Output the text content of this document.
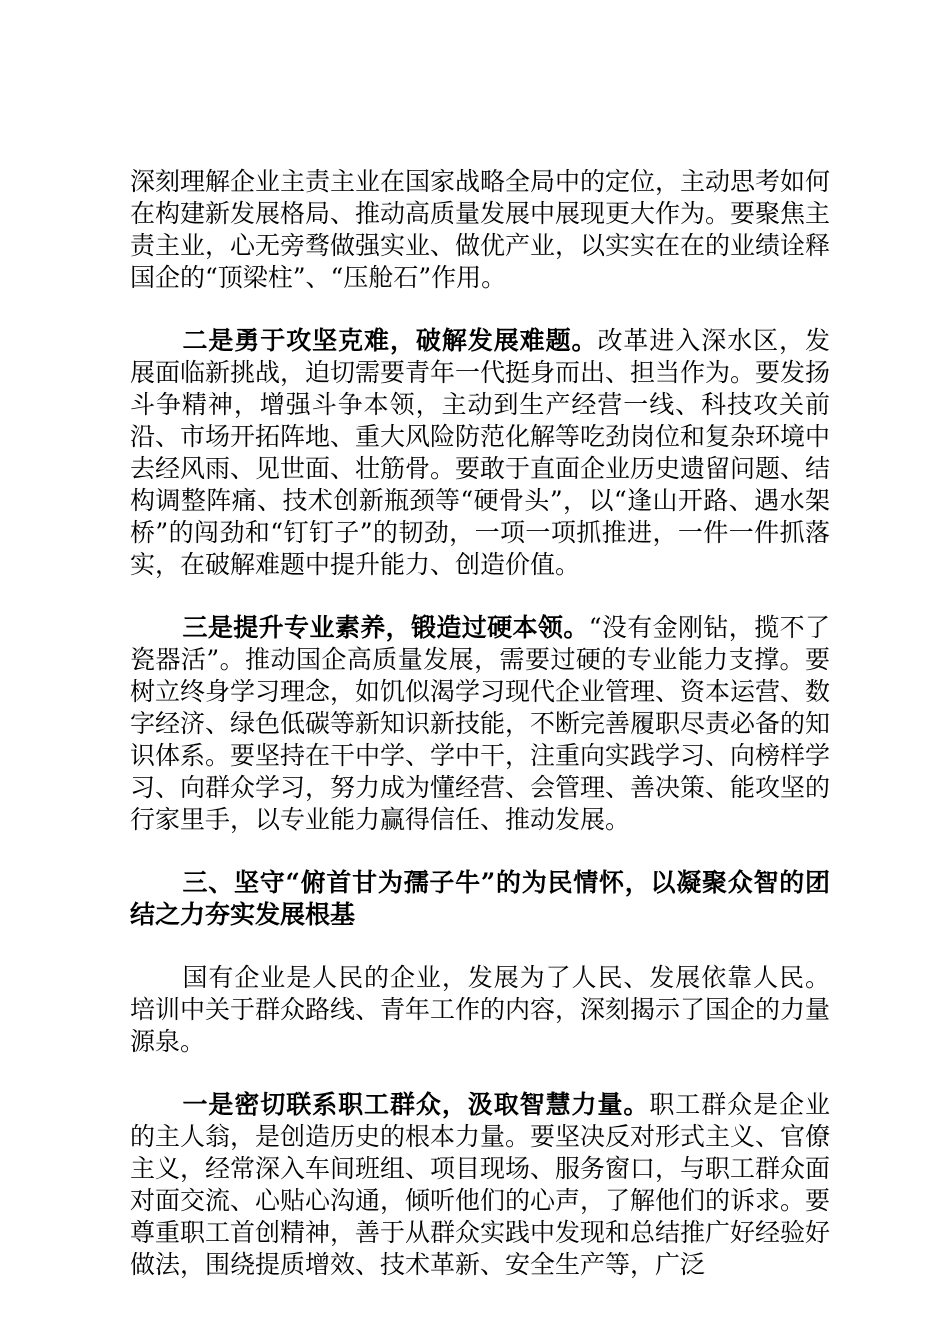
深刻理解企业主责主业在国家战略全局中的定位，主动思考如何在构建新发展格局、推动高质量发展中展现更大作为。要聚焦主责主业，心无旁骛做强实业、做优产业，以实实在在的业绩诠释国企的“顶梁柱”、“压舱石”作用。

二是勇于攻坚克难，破解发展难题。改革进入深水区，发展面临新挑战，迫切需要青年一代挺身而出、担当作为。要发扬斗争精神，增强斗争本领，主动到生产经营一线、科技攻关前沿、市场开拓阵地、重大风险防范化解等吃劲岗位和复杂环境中去经风雨、见世面、壮筋骨。要敢于直面企业历史遗留问题、结构调整阵痛、技术创新瓶颈等“硬骨头”，以“逢山开路、遇水架桥”的闯劲和“钉钉子”的韧劲，一项一项抓推进，一件一件抓落实，在破解难题中提升能力、创造价值。

三是提升专业素养，锻造过硬本领。“没有金刚钻，揽不了瓷器活”。推动国企高质量发展，需要过硬的专业能力支撑。要树立终身学习理念，如饥似渴学习现代企业管理、资本运营、数字经济、绿色低碳等新知识新技能，不断完善履职尽责必备的知识体系。要坚持在干中学、学中干，注重向实践学习、向榜样学习、向群众学习，努力成为懂经营、会管理、善决策、能攻坚的行家里手，以专业能力赢得信任、推动发展。

三、坚守“俯首甘为孺子牛”的为民情怀，以凝聚众智的团结之力夯实发展根基

国有企业是人民的企业，发展为了人民、发展依靠人民。培训中关于群众路线、青年工作的内容，深刻揭示了国企的力量源泉。

一是密切联系职工群众，汲取智慧力量。职工群众是企业的主人翁，是创造历史的根本力量。要坚决反对形式主义、官僚主义，经常深入车间班组、项目现场、服务窗口，与职工群众面对面交流、心贴心沟通，倾听他们的心声，了解他们的诉求。要尊重职工首创精神，善于从群众实践中发现和总结推广好经验好做法，围绕提质增效、技术革新、安全生产等，广泛
